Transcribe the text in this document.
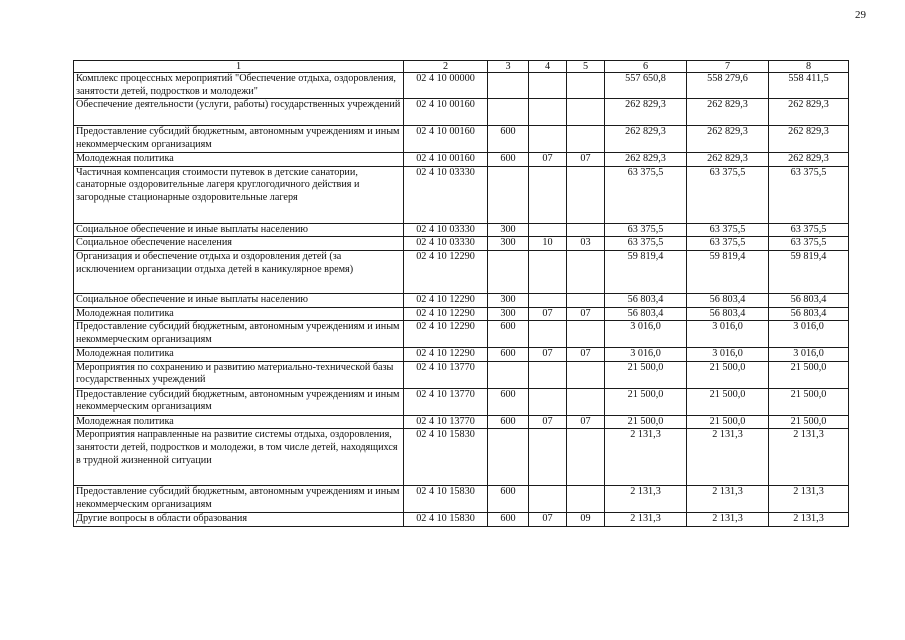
29
1	2	3	4	5	6	7	8
Комплекс процессных мероприятий "Обеспечение отдыха, оздоровления, занятости детей, подростков и молодежи"	02 4 10 00000				557 650,8	558 279,6	558 411,5
Обеспечение деятельности (услуги, работы) государственных учреждений	02 4 10 00160				262 829,3	262 829,3	262 829,3
Предоставление субсидий бюджетным, автономным учреждениям и иным некоммерческим организациям	02 4 10 00160	600			262 829,3	262 829,3	262 829,3
Молодежная политика	02 4 10 00160	600	07	07	262 829,3	262 829,3	262 829,3
Частичная компенсация стоимости путевок в детские санатории, санаторные оздоровительные лагеря круглогодичного действия и загородные стационарные оздоровительные лагеря	02 4 10 03330				63 375,5	63 375,5	63 375,5
Социальное обеспечение и иные выплаты населению	02 4 10 03330	300			63 375,5	63 375,5	63 375,5
Социальное обеспечение населения	02 4 10 03330	300	10	03	63 375,5	63 375,5	63 375,5
Организация и обеспечение отдыха и оздоровления детей (за исключением организации отдыха детей в каникулярное время)	02 4 10 12290				59 819,4	59 819,4	59 819,4
Социальное обеспечение и иные выплаты населению	02 4 10 12290	300			56 803,4	56 803,4	56 803,4
Молодежная политика	02 4 10 12290	300	07	07	56 803,4	56 803,4	56 803,4
Предоставление субсидий бюджетным, автономным учреждениям и иным некоммерческим организациям	02 4 10 12290	600			3 016,0	3 016,0	3 016,0
Молодежная политика	02 4 10 12290	600	07	07	3 016,0	3 016,0	3 016,0
Мероприятия по сохранению и развитию материально-технической базы государственных учреждений	02 4 10 13770				21 500,0	21 500,0	21 500,0
Предоставление субсидий бюджетным, автономным учреждениям и иным некоммерческим организациям	02 4 10 13770	600			21 500,0	21 500,0	21 500,0
Молодежная политика	02 4 10 13770	600	07	07	21 500,0	21 500,0	21 500,0
Мероприятия направленные на развитие системы отдыха, оздоровления, занятости детей, подростков и молодежи, в том числе детей, находящихся в трудной жизненной ситуации	02 4 10 15830				2 131,3	2 131,3	2 131,3
Предоставление субсидий бюджетным, автономным учреждениям и иным некоммерческим организациям	02 4 10 15830	600			2 131,3	2 131,3	2 131,3
Другие вопросы в области образования	02 4 10 15830	600	07	09	2 131,3	2 131,3	2 131,3
